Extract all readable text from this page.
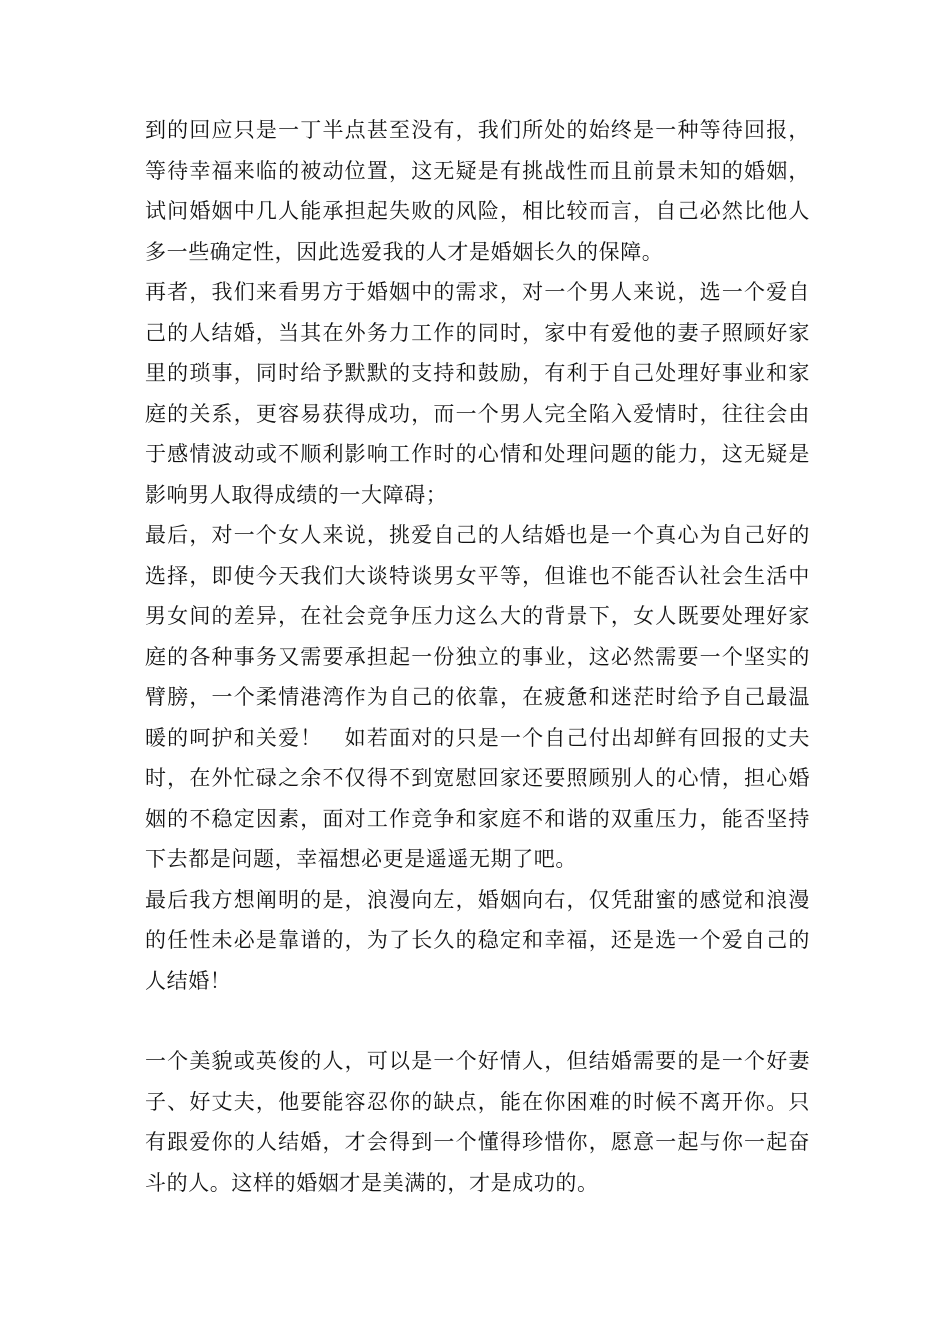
到的回应只是一丁半点甚至没有，我们所处的始终是一种等待回报，等待幸福来临的被动位置，这无疑是有挑战性而且前景未知的婚姻，试问婚姻中几人能承担起失败的风险，相比较而言，自己必然比他人多一些确定性，因此选爱我的人才是婚姻长久的保障。

再者，我们来看男方于婚姻中的需求，对一个男人来说，选一个爱自己的人结婚，当其在外务力工作的同时，家中有爱他的妻子照顾好家里的琐事，同时给予默默的支持和鼓励，有利于自己处理好事业和家庭的关系，更容易获得成功，而一个男人完全陷入爱情时，往往会由于感情波动或不顺利影响工作时的心情和处理问题的能力，这无疑是影响男人取得成绩的一大障碍；

最后，对一个女人来说，挑爱自己的人结婚也是一个真心为自己好的选择，即使今天我们大谈特谈男女平等，但谁也不能否认社会生活中男女间的差异，在社会竞争压力这么大的背景下，女人既要处理好家庭的各种事务又需要承担起一份独立的事业，这必然需要一个坚实的臂膀，一个柔情港湾作为自己的依靠，在疲惫和迷茫时给予自己最温暖的呵护和关爱！　如若面对的只是一个自己付出却鲜有回报的丈夫时，在外忙碌之余不仅得不到宽慰回家还要照顾别人的心情，担心婚姻的不稳定因素，面对工作竞争和家庭不和谐的双重压力，能否坚持下去都是问题，幸福想必更是遥遥无期了吧。

最后我方想阐明的是，浪漫向左，婚姻向右，仅凭甜蜜的感觉和浪漫的任性未必是靠谱的，为了长久的稳定和幸福，还是选一个爱自己的人结婚！

一个美貌或英俊的人，可以是一个好情人，但结婚需要的是一个好妻子、好丈夫，他要能容忍你的缺点，能在你困难的时候不离开你。只有跟爱你的人结婚，才会得到一个懂得珍惜你，愿意一起与你一起奋斗的人。这样的婚姻才是美满的，才是成功的。
